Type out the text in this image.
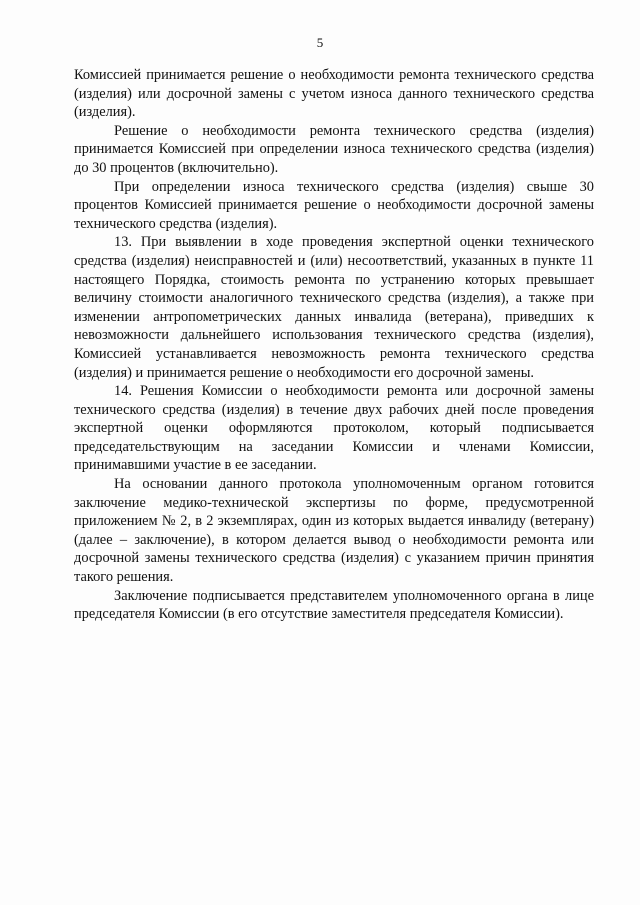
5

Комиссией принимается решение о необходимости ремонта технического средства (изделия) или досрочной замены с учетом износа данного технического средства (изделия).

Решение о необходимости ремонта технического средства (изделия) принимается Комиссией при определении износа технического средства (изделия) до 30 процентов (включительно).

При определении износа технического средства (изделия) свыше 30 процентов Комиссией принимается решение о необходимости досрочной замены технического средства (изделия).

13. При выявлении в ходе проведения экспертной оценки технического средства (изделия) неисправностей и (или) несоответствий, указанных в пункте 11 настоящего Порядка, стоимость ремонта по устранению которых превышает величину стоимости аналогичного технического средства (изделия), а также при изменении антропометрических данных инвалида (ветерана), приведших к невозможности дальнейшего использования технического средства (изделия), Комиссией устанавливается невозможность ремонта технического средства (изделия) и принимается решение о необходимости его досрочной замены.

14. Решения Комиссии о необходимости ремонта или досрочной замены технического средства (изделия) в течение двух рабочих дней после проведения экспертной оценки оформляются протоколом, который подписывается председательствующим на заседании Комиссии и членами Комиссии, принимавшими участие в ее заседании.

На основании данного протокола уполномоченным органом готовится заключение медико-технической экспертизы по форме, предусмотренной приложением № 2, в 2 экземплярах, один из которых выдается инвалиду (ветерану) (далее – заключение), в котором делается вывод о необходимости ремонта или досрочной замены технического средства (изделия) с указанием причин принятия такого решения.

Заключение подписывается представителем уполномоченного органа в лице председателя Комиссии (в его отсутствие заместителя председателя Комиссии).
